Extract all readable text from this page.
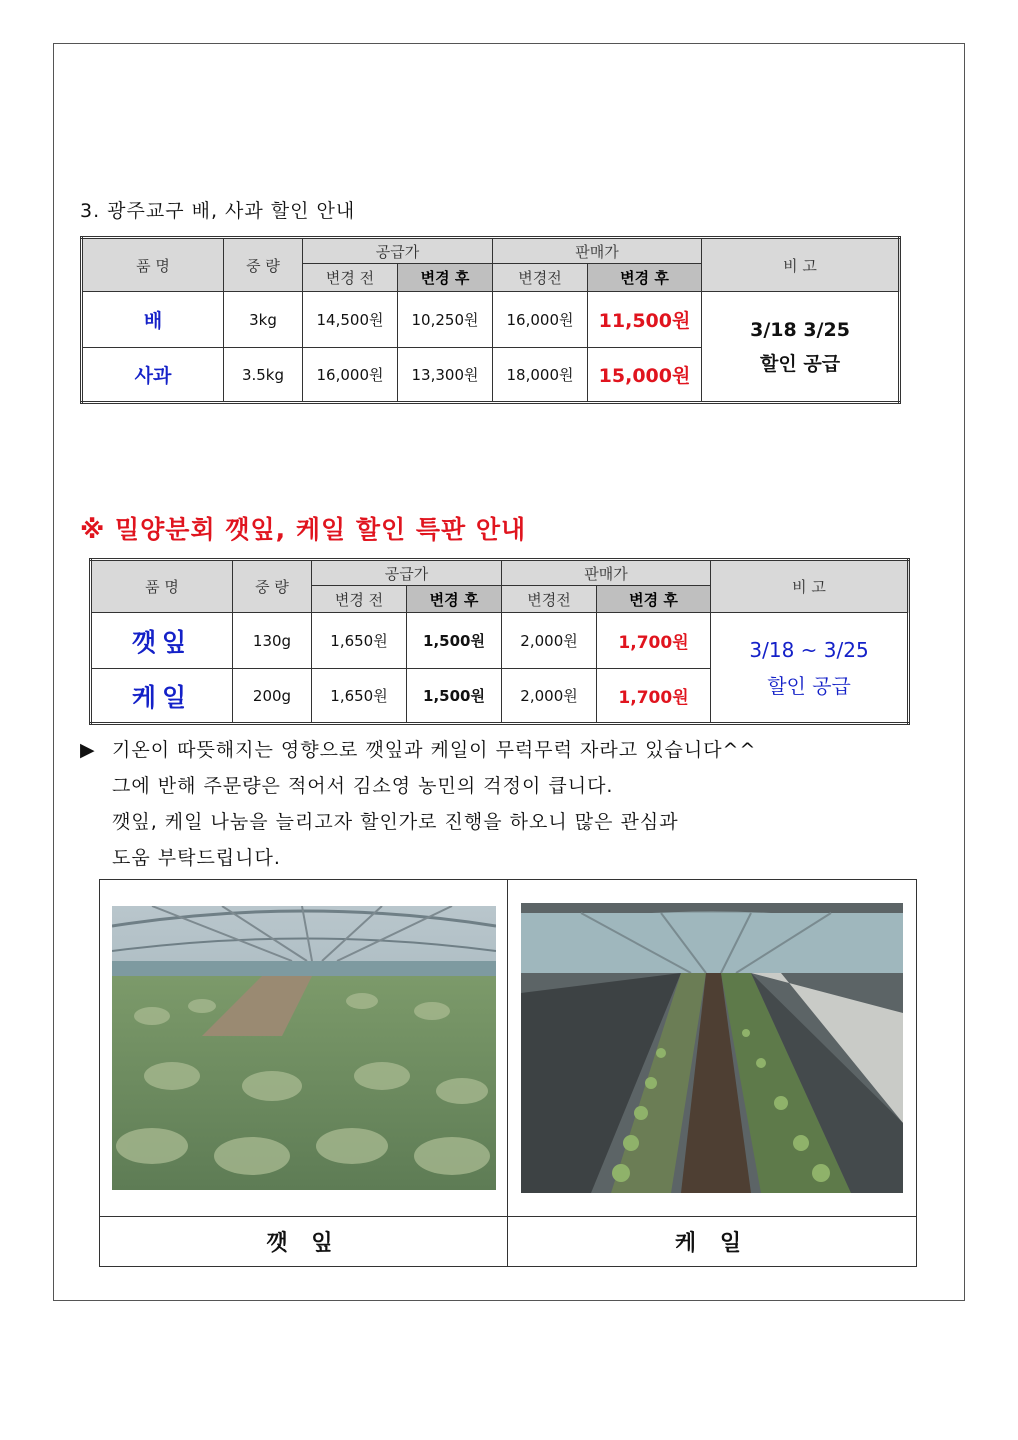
3. 광주교구 배, 사과 할인 안내
품 명	중 량	공급가		판매가		비 고
		변경 전	변경 후	변경전	변경 후	
배	3kg	14,500원	10,250원	16,000원	11,500원	3/18 3/25
할인 공급

사과	3.5kg	16,000원	13,300원	18,000원	15,000원	
※ 밀양분회 깻잎, 케일 할인 특판 안내
품 명	중 량	공급가		판매가		비 고
		변경 전	변경 후	변경전	변경 후	
깻잎	130g	1,650원	1,500원	2,000원	1,700원	3/18 ~ 3/25
할인 공급

케일	200g	1,650원	1,500원	2,000원	1,700원	
▶ 기온이 따뜻해지는 영향으로 깻잎과 케일이 무럭무럭 자라고 있습니다^^
그에 반해 주문량은 적어서 김소영 농민의 걱정이 큽니다.
깻잎, 케일 나눔을 늘리고자 할인가로 진행을 하오니 많은 관심과
도움 부탁드립니다.

깻 잎	케 일
